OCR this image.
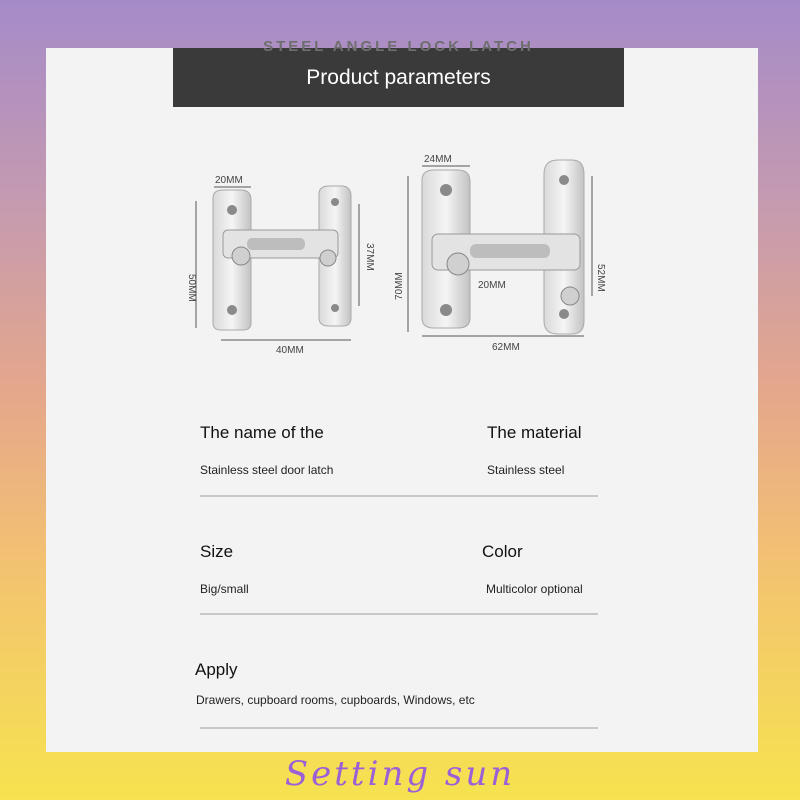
STEEL ANGLE LOCK LATCH
Product parameters
20MM
50MM
37MM
40MM
24MM
70MM	52MM
20MM
62MM
The name of the
Stainless steel door latch
The material
Stainless steel
Size
Big/small
Color
Multicolor optional
Apply
Drawers, cupboard rooms, cupboards, Windows, etc
Setting sun
